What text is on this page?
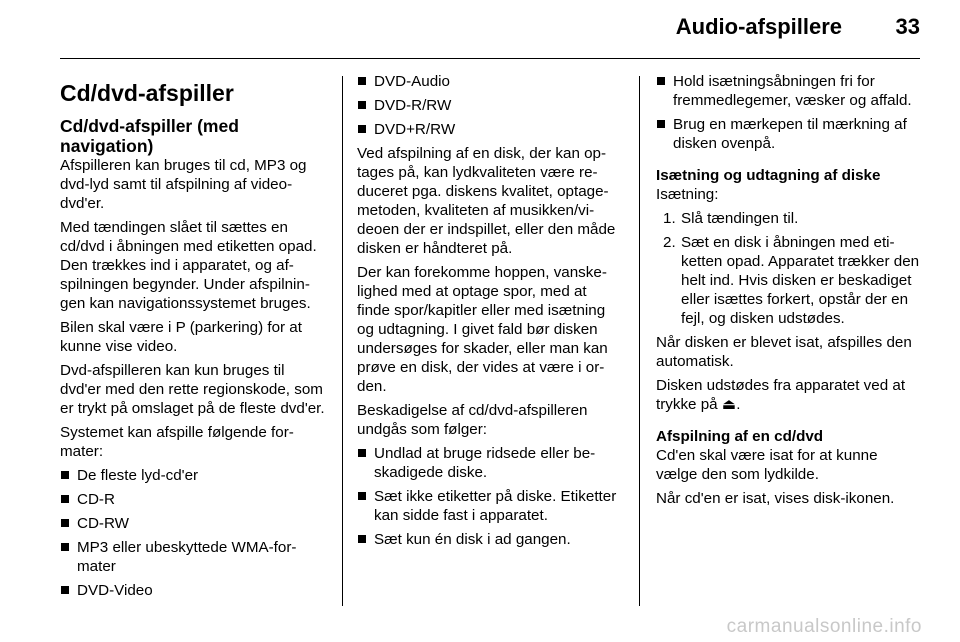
Audio-afspillere 33
Cd/dvd-afspiller
Cd/dvd-afspiller (med navigation)

Afspilleren kan bruges til cd, MP3 og dvd-lyd samt til afspilning af video-dvd'er.

Med tændingen slået til sættes en cd/dvd i åbningen med etiketten opad. Den trækkes ind i apparatet, og afspilningen begynder. Under afspilningen kan navigationssystemet bruges.

Bilen skal være i P (parkering) for at kunne vise video.

Dvd-afspilleren kan kun bruges til dvd'er med den rette regionskode, som er trykt på omslaget på de fleste dvd'er.

Systemet kan afspille følgende formater:

De fleste lyd-cd'er
CD-R
CD-RW
MP3 eller ubeskyttede WMA-formater
DVD-Video
DVD-Audio
DVD-R/RW
DVD+R/RW

Ved afspilning af en disk, der kan optages på, kan lydkvaliteten være reduceret pga. diskens kvalitet, optagemetoden, kvaliteten af musikken/videoen der er indspillet, eller den måde disken er håndteret på.

Der kan forekomme hoppen, vanskelighed med at optage spor, med at finde spor/kapitler eller med isætning og udtagning. I givet fald bør disken undersøges for skader, eller man kan prøve en disk, der vides at være i orden.

Beskadigelse af cd/dvd-afspilleren undgås som følger:

Undlad at bruge ridsede eller beskadigede diske.
Sæt ikke etiketter på diske. Etiketter kan sidde fast i apparatet.
Sæt kun én disk i ad gangen.
Hold isætningsåbningen fri for fremmedlegemer, væsker og affald.
Brug en mærkepen til mærkning af disken ovenpå.
Isætning og udtagning af diske

Isætning:

1. Slå tændingen til.
2. Sæt en disk i åbningen med etiketten opad. Apparatet trækker den helt ind. Hvis disken er beskadiget eller isættes forkert, opstår der en fejl, og disken udstødes.

Når disken er blevet isat, afspilles den automatisk.

Disken udstødes fra apparatet ved at trykke på ⏏.

Afspilning af en cd/dvd

Cd'en skal være isat for at kunne vælge den som lydkilde.

Når cd'en er isat, vises disk-ikonen.

carmanualsonline.info
